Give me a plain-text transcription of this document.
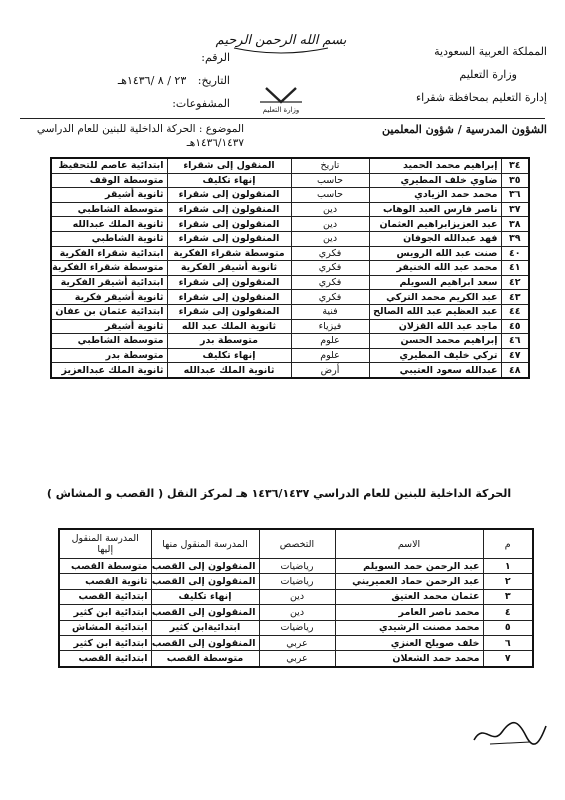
المملكة العربية السعودية
وزارة التعليم
إدارة التعليم بمحافظة شقراء
بسم الله الرحمن الرحيم
وزارة التعليم
الرقم:
التاريخ: ٢٣ / ٨ /١٤٣٦هـ
المشفوعات:
الشؤون المدرسية / شؤون المعلمين
الموضوع : الحركة الداخلية للبنين للعام الدراسي ١٤٣٦/١٤٣٧هـ
٣٤	إبراهيم محمد الحميد	تاريخ	المنقول إلى شقراء	ابتدائية عاصم للتحفيظ
٣٥	ضاوي خلف المطيري	حاسب	إنهاء تكليف	متوسطة الوقف
٣٦	محمد حمد الزيادي	حاسب	المنقولون إلى شقراء	ثانوية أشيقر
٣٧	ناصر فارس العبد الوهاب	دين	المنقولون إلى شقراء	متوسطة الشاطبي
٣٨	عبد العزيزابراهيم العثمان	دين	المنقولون إلى شقراء	ثانوية الملك عبدالله
٣٩	فهد عبدالله الجوفان	دين	المنقولون إلى شقراء	ثانوية الشاطبي
٤٠	صنت عبد الله الرويس	فكري	متوسطة شقراء الفكرية	ابتدائية شقراء الفكرية
٤١	محمد عبد الله الخنيفر	فكري	ثانوية أشيقر الفكرية	متوسطة شقراء الفكرية
٤٢	سعد ابراهيم السويلم	فكري	المنقولون إلى شقراء	ابتدائية أشيقر الفكرية
٤٣	عبد الكريم محمد التركي	فكري	المنقولون إلى شقراء	ثانوية أشيقر فكرية
٤٤	عبد العظيم عبد الله الصالح	فنية	المنقولون إلى شقراء	ابتدائية عثمان بن عفان
٤٥	ماجد عبد الله القزلان	فيزياء	ثانوية الملك عبد الله	ثانوية أشيقر
٤٦	إبراهيم محمد الحسن	علوم	متوسطة بدر	متوسطة الشاطبي
٤٧	تركي خليف المطيري	علوم	إنهاء تكليف	متوسطة بدر
٤٨	عبدالله سعود العتيبي	أرض	ثانوية الملك عبدالله	ثانوية الملك عبدالعزيز
الحركة الداخلية للبنين للعام الدراسي ١٤٣٦/١٤٣٧ هـ لمركز النقل ( القصب و المشاش )
م	الاسم	التخصص	المدرسة المنقول منها	المدرسة المنقول إليها
١	عبد الرحمن حمد السويلم	رياضيات	المنقولون إلى القصب	متوسطة القصب
٢	عبد الرحمن حماد العميريني	رياضيات	المنقولون إلى القصب	ثانوية القصب
٣	عثمان محمد العتيق	دين	إنهاء تكليف	ابتدائية القصب
٤	محمد ناصر العامر	دين	المنقولون إلى القصب	ابتدائية ابن كثير
٥	محمد مصنت الرشيدي	رياضيات	ابتدائيةابن كثير	ابتدائية المشاش
٦	خلف صويلح العنزي	عربي	المنقولون إلى القصب	ابتدائية ابن كثير
٧	محمد حمد الشعلان	عربي	متوسطة القصب	ابتدائية القصب
